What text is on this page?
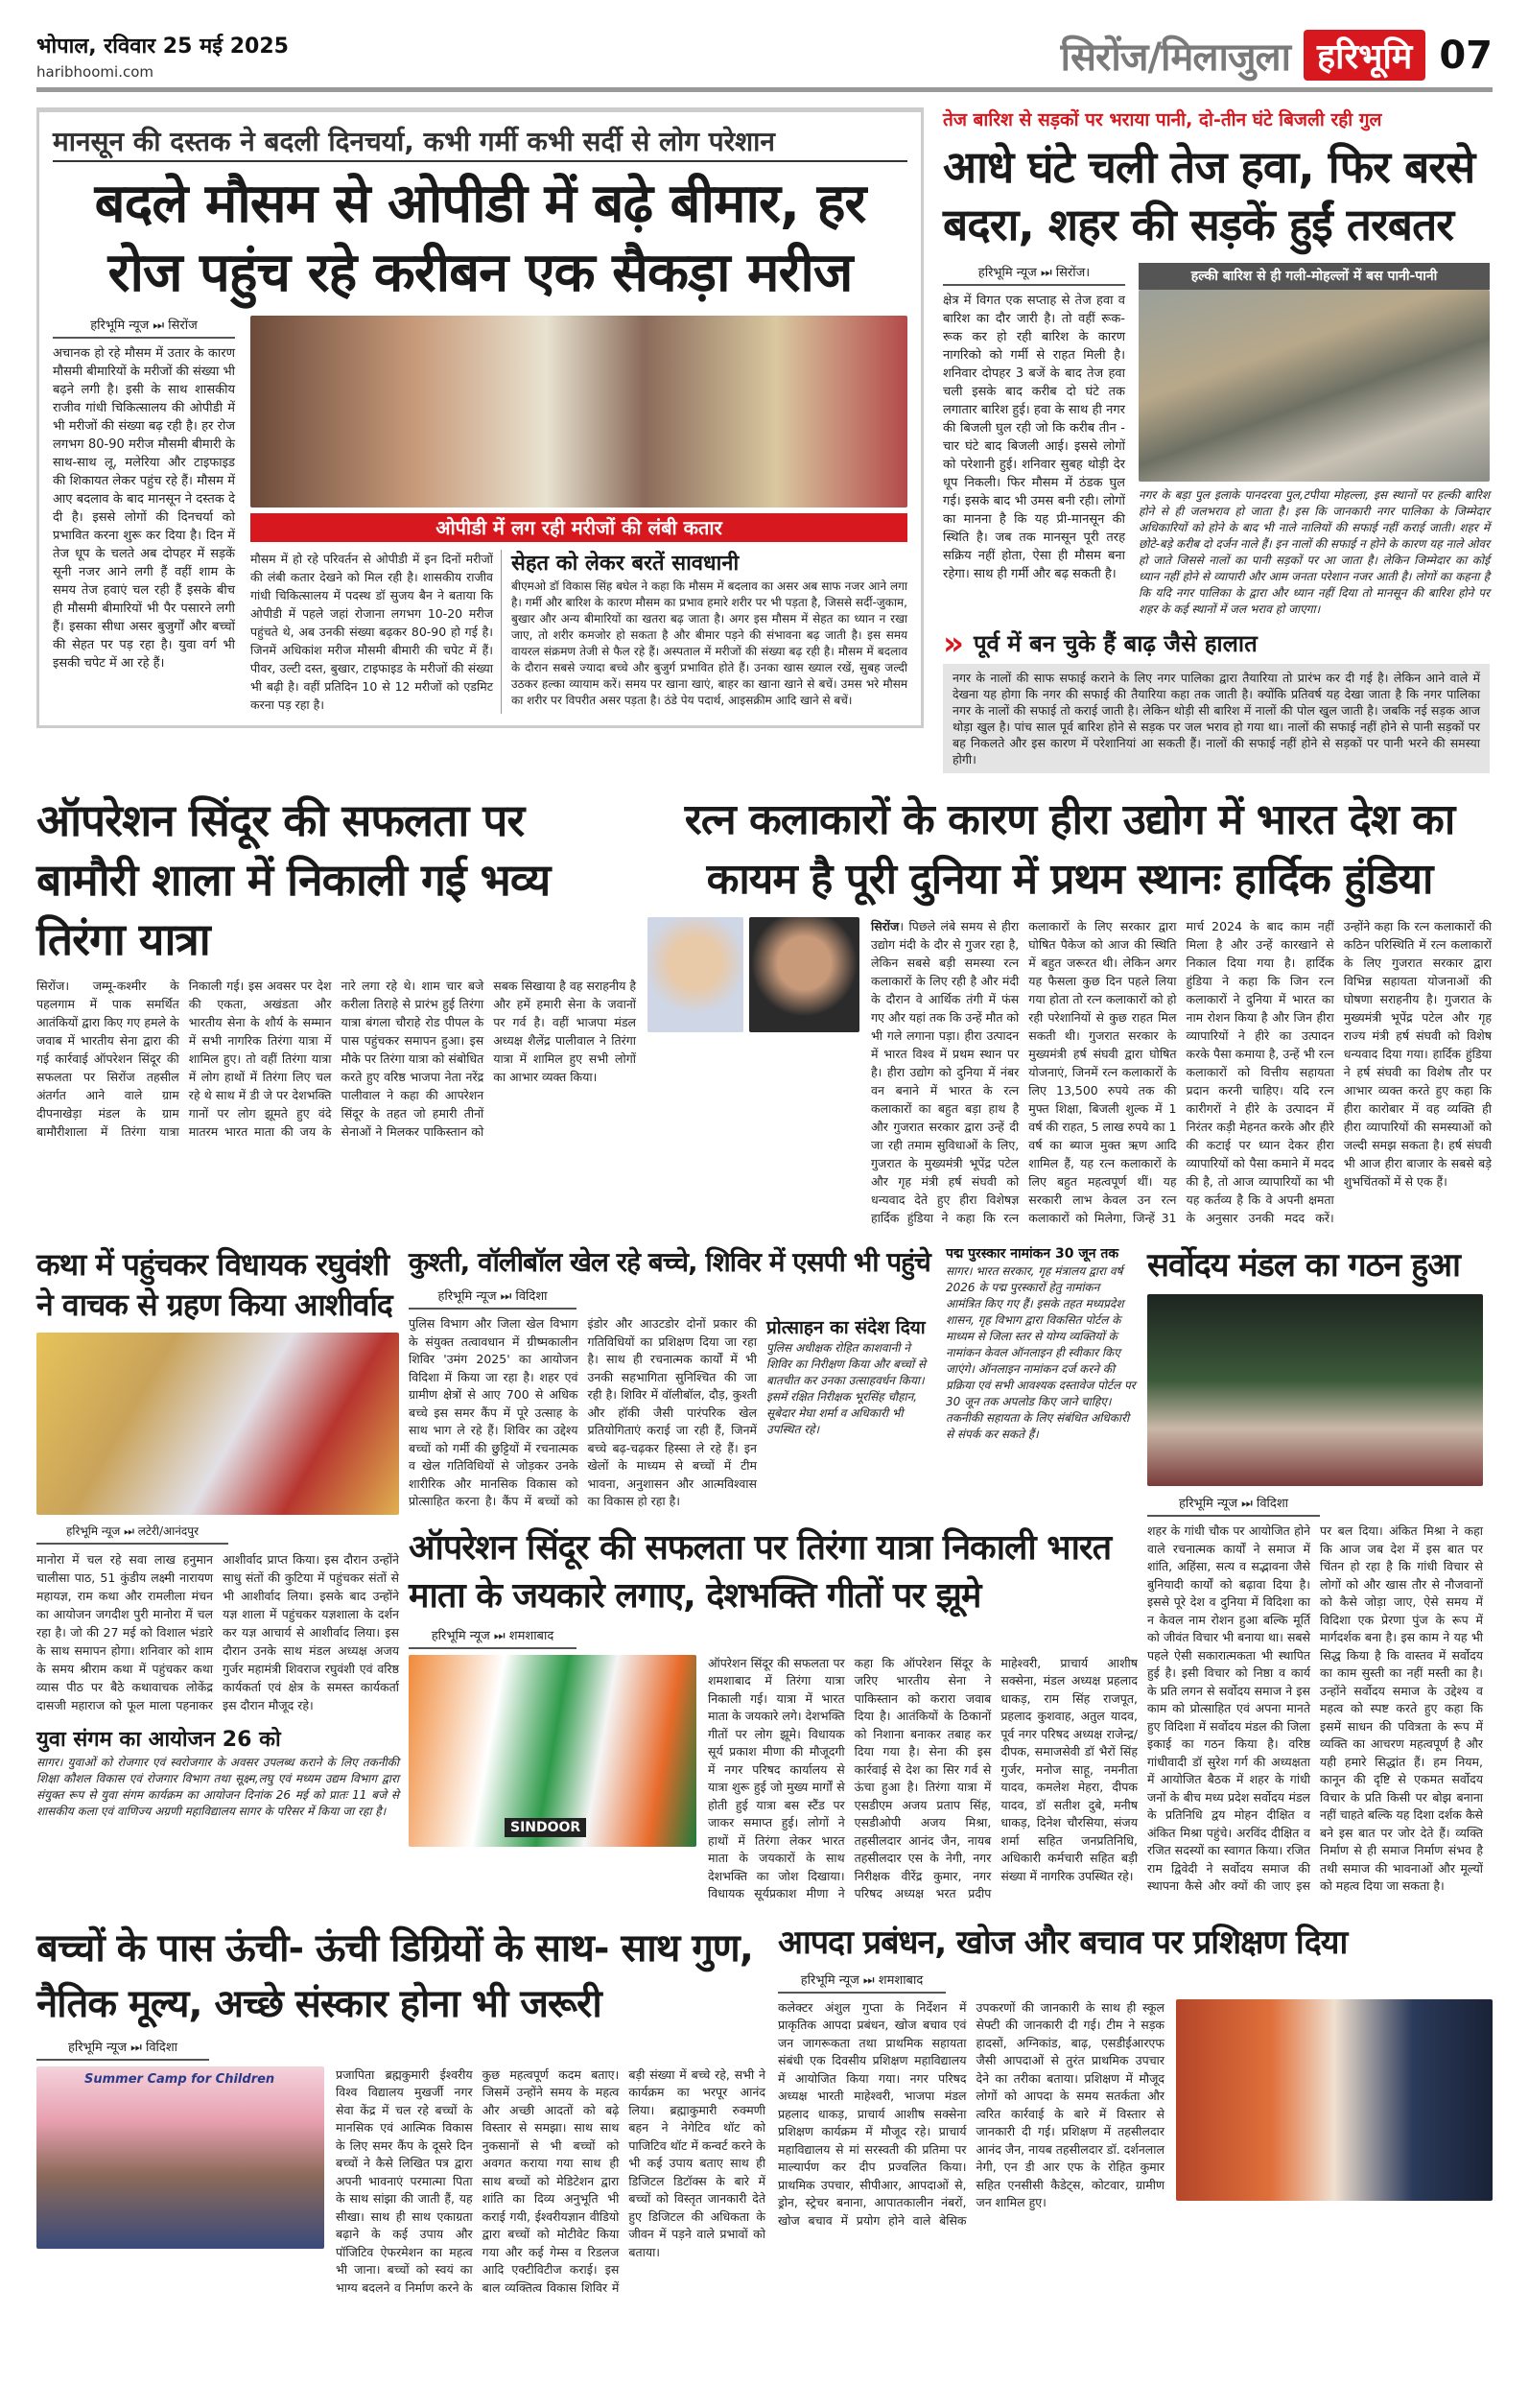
भोपाल, रविवार 25 मई 2025
haribhoomi.com	सिरोंज/मिलाजुला हरिभूमि 07
मानसून की दस्तक ने बदली दिनचर्या, कभी गर्मी कभी सर्दी से लोग परेशान
बदले मौसम से ओपीडी में बढ़े बीमार, हर रोज पहुंच रहे करीबन एक सैकड़ा मरीज
हरिभूमि न्यूज ⏭ सिरोंज
अचानक हो रहे मौसम में उतार के कारण मौसमी बीमारियों के मरीजों की संख्या भी बढ़ने लगी है। इसी के साथ शासकीय राजीव गांधी चिकित्सालय की ओपीडी में भी मरीजों की संख्या बढ़ रही है। हर रोज लगभग 80-90 मरीज मौसमी बीमारी के साथ-साथ लू, मलेरिया और टाइफाइड की शिकायत लेकर पहुंच रहे हैं। मौसम में आए बदलाव के बाद मानसून ने दस्तक दे दी है। इससे लोगों की दिनचर्या को प्रभावित करना शुरू कर दिया है। दिन में तेज धूप के चलते अब दोपहर में सड़कें सूनी नजर आने लगी हैं वहीं शाम के समय तेज हवाएं चल रही हैं इसके बीच ही मौसमी बीमारियों भी पैर पसारने लगी हैं। इसका सीधा असर बुजुर्गों और बच्चों की सेहत पर पड़ रहा है। युवा वर्ग भी इसकी चपेट में आ रहे हैं।
ओपीडी में लग रही मरीजों की लंबी कतार
मौसम में हो रहे परिवर्तन से ओपीडी में इन दिनों मरीजों की लंबी कतार देखने को मिल रही है। शासकीय राजीव गांधी चिकित्सालय में पदस्थ डॉ सुजय बैन ने बताया कि ओपीडी में पहले जहां रोजाना लगभग 10-20 मरीज पहुंचते थे, अब उनकी संख्या बढ़कर 80-90 हो गई है। जिनमें अधिकांश मरीज मौसमी बीमारी की चपेट में हैं। पीवर, उल्टी दस्त, बुखार, टाइफाइड के मरीजों की संख्या भी बढ़ी है। वहीं प्रतिदिन 10 से 12 मरीजों को एडमिट करना पड़ रहा है।
सेहत को लेकर बरतें सावधानी
बीएमओ डॉ विकास सिंह बघेल ने कहा कि मौसम में बदलाव का असर अब साफ नजर आने लगा है। गर्मी और बारिश के कारण मौसम का प्रभाव हमारे शरीर पर भी पड़ता है, जिससे सर्दी-जुकाम, बुखार और अन्य बीमारियों का खतरा बढ़ जाता है। अगर इस मौसम में सेहत का ध्यान न रखा जाए, तो शरीर कमजोर हो सकता है और बीमार पड़ने की संभावना बढ़ जाती है। इस समय वायरल संक्रमण तेजी से फैल रहे हैं। अस्पताल में मरीजों की संख्या बढ़ रही है। मौसम में बदलाव के दौरान सबसे ज्यादा बच्चे और बुजुर्ग प्रभावित होते हैं। उनका खास ख्याल रखें, सुबह जल्दी उठकर हल्का व्यायाम करें। समय पर खाना खाएं, बाहर का खाना खाने से बचें। उमस भरे मौसम का शरीर पर विपरीत असर पड़ता है। ठंडे पेय पदार्थ, आइसक्रीम आदि खाने से बचें।
तेज बारिश से सड़कों पर भराया पानी, दो-तीन घंटे बिजली रही गुल
आधे घंटे चली तेज हवा, फिर बरसे बदरा, शहर की सड़कें हुईं तरबतर
हरिभूमि न्यूज ⏭ सिरोंज।
क्षेत्र में विगत एक सप्ताह से तेज हवा व बारिश का दौर जारी है। तो वहीं रूक-रूक कर हो रही बारिश के कारण नागरिको को गर्मी से राहत मिली है। शनिवार दोपहर 3 बजें के बाद तेज हवा चली इसके बाद करीब दो घंटे तक लगातार बारिश हुई। हवा के साथ ही नगर की बिजली घुल रही जो कि करीब तीन - चार घंटे बाद बिजली आई। इससे लोगों को परेशानी हुई। शनिवार सुबह थोड़ी देर धूप निकली। फिर मौसम में ठंडक घुल गई। इसके बाद भी उमस बनी रही। लोगों का मानना है कि यह प्री-मानसून की स्थिति है। जब तक मानसून पूरी तरह सक्रिय नहीं होता, ऐसा ही मौसम बना रहेगा। साथ ही गर्मी और बढ़ सकती है।
हल्की बारिश से ही गली-मोहल्लों में बस पानी-पानी
नगर के बड़ा पुल इलाके पानदरवा पुल,टपीया मोहल्ला, इस स्थानों पर हल्की बारिश होने से ही जलभराव हो जाता है। इस कि जानकारी नगर पालिका के जिम्मेदार अधिकारियों को होने के बाद भी नाले नालियों की सफाई नहीं कराई जाती। शहर में छोटे-बड़े करीब दो दर्जन नाले हैं। इन नालों की सफाई न होने के कारण यह नाले ओवर हो जाते जिससे नालों का पानी सड़कों पर आ जाता है। लेकिन जिम्मेदार का कोई ध्यान नहीं होने से व्यापारी और आम जनता परेशान नजर आती है। लोगों का कहना है कि यदि नगर पालिका के द्वारा और ध्यान नहीं दिया तो मानसून की बारिश होने पर शहर के कई स्थानों में जल भराव हो जाएगा।
» पूर्व में बन चुके हैं बाढ़ जैसे हालात
नगर के नालों की साफ सफाई कराने के लिए नगर पालिका द्वारा तैयारिया तो प्रारंभ कर दी गई है। लेकिन आने वाले में देखना यह होगा कि नगर की सफाई की तैयारिया कहा तक जाती है। क्योंकि प्रतिवर्ष यह देखा जाता है कि नगर पालिका नगर के नालों की सफाई तो कराई जाती है। लेकिन थोड़ी सी बारिश में नालों की पोल खुल जाती है। जबकि नई सड़क आज थोड़ा खुल है। पांच साल पूर्व बारिश होने से सड़क पर जल भराव हो गया था। नालों की सफाई नहीं होने से पानी सड़कों पर बह निकलते और इस कारण में परेशानियां आ सकती हैं। नालों की सफाई नहीं होने से सड़कों पर पानी भरने की समस्या होगी।
ऑपरेशन सिंदूर की सफलता पर बामौरी शाला में निकाली गई भव्य तिरंगा यात्रा
सिरोंज। जम्मू-कश्मीर के पहलगाम में पाक समर्थित आतंकियों द्वारा किए गए हमले के जवाब में भारतीय सेना द्वारा की गई कार्रवाई ऑपरेशन सिंदूर की सफलता पर सिरोंज तहसील अंतर्गत आने वाले ग्राम दीपनाखेड़ा मंडल के ग्राम बामौरीशाला में तिरंगा यात्रा निकाली गई। इस अवसर पर देश की एकता, अखंडता और भारतीय सेना के शौर्य के सम्मान में सभी नागरिक तिरंगा यात्रा में शामिल हुए। तो वहीं तिरंगा यात्रा में लोग हाथों में तिरंगा लिए चल रहे थे साथ में डी जे पर देशभक्ति गानों पर लोग झूमते हुए वंदे मातरम भारत माता की जय के नारे लगा रहे थे। शाम चार बजे करीला तिराहे से प्रारंभ हुई तिरंगा यात्रा बंगला चौराहे रोड पीपल के पास पहुंचकर समापन हुआ। इस मौके पर तिरंगा यात्रा को संबोधित करते हुए वरिष्ठ भाजपा नेता नरेंद्र पालीवाल ने कहा की आपरेशन सिंदूर के तहत जो हमारी तीनों सेनाओं ने मिलकर पाकिस्तान को सबक सिखाया है वह सराहनीय है और हमें हमारी सेना के जवानों पर गर्व है। वहीं भाजपा मंडल अध्यक्ष शैलेंद्र पालीवाल ने तिरंगा यात्रा में शामिल हुए सभी लोगों का आभार व्यक्त किया।
रत्न कलाकारों के कारण हीरा उद्योग में भारत देश का कायम है पूरी दुनिया में प्रथम स्थानः हार्दिक हुंडिया
सिरोंज। पिछले लंबे समय से हीरा उद्योग मंदी के दौर से गुजर रहा है, लेकिन सबसे बड़ी समस्या रत्न कलाकारों के लिए रही है और मंदी के दौरान वे आर्थिक तंगी में फंस गए और यहां तक कि उन्हें मौत को भी गले लगाना पड़ा। हीरा उत्पादन में भारत विश्व में प्रथम स्थान पर है। हीरा उद्योग को दुनिया में नंबर वन बनाने में भारत के रत्न कलाकारों का बहुत बड़ा हाथ है और गुजरात सरकार द्वारा उन्हें दी जा रही तमाम सुविधाओं के लिए, गुजरात के मुख्यमंत्री भूपेंद्र पटेल और गृह मंत्री हर्ष संघवी को धन्यवाद देते हुए हीरा विशेषज्ञ हार्दिक हुंडिया ने कहा कि रत्न कलाकारों के लिए सरकार द्वारा घोषित पैकेज को आज की स्थिति में बहुत जरूरत थी। लेकिन अगर यह फैसला कुछ दिन पहले लिया गया होता तो रत्न कलाकारों को हो रही परेशानियों से कुछ राहत मिल सकती थी। गुजरात सरकार के मुख्यमंत्री हर्ष संघवी द्वारा घोषित योजनाएं, जिनमें रत्न कलाकारों के लिए 13,500 रुपये तक की मुफ्त शिक्षा, बिजली शुल्क में 1 वर्ष की राहत, 5 लाख रुपये का 1 वर्ष का ब्याज मुक्त ऋण आदि शामिल हैं, यह रत्न कलाकारों के लिए बहुत महत्वपूर्ण थीं। यह सरकारी लाभ केवल उन रत्न कलाकारों को मिलेगा, जिन्हें 31 मार्च 2024 के बाद काम नहीं मिला है और उन्हें कारखाने से निकाल दिया गया है। हार्दिक हुंडिया ने कहा कि जिन रत्न कलाकारों ने दुनिया में भारत का नाम रोशन किया है और जिन हीरा व्यापारियों ने हीरे का उत्पादन करके पैसा कमाया है, उन्हें भी रत्न कलाकारों को वित्तीय सहायता प्रदान करनी चाहिए। यदि रत्न कारीगरों ने हीरे के उत्पादन में निरंतर कड़ी मेहनत करके और हीरे की कटाई पर ध्यान देकर हीरा व्यापारियों को पैसा कमाने में मदद की है, तो आज व्यापारियों का भी यह कर्तव्य है कि वे अपनी क्षमता के अनुसार उनकी मदद करें। उन्होंने कहा कि रत्न कलाकारों की कठिन परिस्थिति में रत्न कलाकारों के लिए गुजरात सरकार द्वारा विभिन्न सहायता योजनाओं की घोषणा सराहनीय है। गुजरात के मुख्यमंत्री भूपेंद्र पटेल और गृह राज्य मंत्री हर्ष संघवी को विशेष धन्यवाद दिया गया। हार्दिक हुंडिया ने हर्ष संघवी का विशेष तौर पर आभार व्यक्त करते हुए कहा कि हीरा कारोबार में वह व्यक्ति ही हीरा व्यापारियों की समस्याओं को जल्दी समझ सकता है। हर्ष संघवी भी आज हीरा बाजार के सबसे बड़े शुभचिंतकों में से एक हैं।
कथा में पहुंचकर विधायक रघुवंशी ने वाचक से ग्रहण किया आशीर्वाद
हरिभूमि न्यूज ⏭ लटेरी/आनंदपुर
मानोरा में चल रहे सवा लाख हनुमान चालीसा पाठ, 51 कुंडीय लक्ष्मी नारायण महायज्ञ, राम कथा और रामलीला मंचन का आयोजन जगदीश पुरी मानोरा में चल रहा है। जो की 27 मई को विशाल भंडारे के साथ समापन होगा। शनिवार को शाम के समय श्रीराम कथा में पहुंचकर कथा व्यास पीठ पर बैठे कथावाचक लोकेंद्र दासजी महाराज को फूल माला पहनाकर आशीर्वाद प्राप्त किया। इस दौरान उन्होंने साधु संतों की कुटिया में पहुंचकर संतों से भी आशीर्वाद लिया। इसके बाद उन्होंने यज्ञ शाला में पहुंचकर यज्ञशाला के दर्शन कर यज्ञ आचार्य से आशीर्वाद लिया। इस दौरान उनके साथ मंडल अध्यक्ष अजय गुर्जर महामंत्री शिवराज रघुवंशी एवं वरिष्ठ कार्यकर्ता एवं क्षेत्र के समस्त कार्यकर्ता इस दौरान मौजूद रहे।
युवा संगम का आयोजन 26 को
सागर। युवाओं को रोजगार एवं स्वरोजगार के अवसर उपलब्ध कराने के लिए तकनीकी शिक्षा कौशल विकास एवं रोजगार विभाग तथा सूक्ष्म,लघु एवं मध्यम उद्यम विभाग द्वारा संयुक्त रूप से युवा संगम कार्यक्रम का आयोजन दिनांक 26 मई को प्रातः 11 बजे से शासकीय कला एवं वाणिज्य अग्रणी महाविद्यालय सागर के परिसर में किया जा रहा है।
कुश्ती, वॉलीबॉल खेल रहे बच्चे, शिविर में एसपी भी पहुंचे
हरिभूमि न्यूज ⏭ विदिशा
पुलिस विभाग और जिला खेल विभाग के संयुक्त तत्वावधान में ग्रीष्मकालीन शिविर 'उमंग 2025' का आयोजन विदिशा में किया जा रहा है। शहर एवं ग्रामीण क्षेत्रों से आए 700 से अधिक बच्चे इस समर कैंप में पूरे उत्साह के साथ भाग ले रहे हैं। शिविर का उद्देश्य बच्चों को गर्मी की छुट्टियों में रचनात्मक व खेल गतिविधियों से जोड़कर उनके शारीरिक और मानसिक विकास को प्रोत्साहित करना है। कैंप में बच्चों को इंडोर और आउटडोर दोनों प्रकार की गतिविधियों का प्रशिक्षण दिया जा रहा है। साथ ही रचनात्मक कार्यों में भी उनकी सहभागिता सुनिश्चित की जा रही है। शिविर में वॉलीबॉल, दौड़, कुश्ती और हॉकी जैसी पारंपरिक खेल प्रतियोगिताएं कराई जा रही हैं, जिनमें बच्चे बढ़-चढ़कर हिस्सा ले रहे हैं। इन खेलों के माध्यम से बच्चों में टीम भावना, अनुशासन और आत्मविश्वास का विकास हो रहा है।
प्रोत्साहन का संदेश दिया
पुलिस अधीक्षक रोहित काशवानी ने शिविर का निरीक्षण किया और बच्चों से बातचीत कर उनका उत्साहवर्धन किया। इसमें रक्षित निरीक्षक भूरसिंह चौहान, सूबेदार मेघा शर्मा व अधिकारी भी उपस्थित रहे।
पद्म पुरस्कार नामांकन 30 जून तक
सागर। भारत सरकार, गृह मंत्रालय द्वारा वर्ष 2026 के पद्म पुरस्कारों हेतु नामांकन आमंत्रित किए गए हैं। इसके तहत मध्यप्रदेश शासन, गृह विभाग द्वारा विकसित पोर्टल के माध्यम से जिला स्तर से योग्य व्यक्तियों के नामांकन केवल ऑनलाइन ही स्वीकार किए जाएंगे। ऑनलाइन नामांकन दर्ज करने की प्रक्रिया एवं सभी आवश्यक दस्तावेज पोर्टल पर 30 जून तक अपलोड किए जाने चाहिए। तकनीकी सहायता के लिए संबंधित अधिकारी से संपर्क कर सकते हैं।
ऑपरेशन सिंदूर की सफलता पर तिरंगा यात्रा निकाली भारत माता के जयकारे लगाए, देशभक्ति गीतों पर झूमे
हरिभूमि न्यूज ⏭ शमशाबाद
SINDOOR
ऑपरेशन सिंदूर की सफलता पर शमशाबाद में तिरंगा यात्रा निकाली गई। यात्रा में भारत माता के जयकारे लगे। देशभक्ति गीतों पर लोग झूमे। विधायक सूर्य प्रकाश मीणा की मौजूदगी में नगर परिषद कार्यालय से यात्रा शुरू हुई जो मुख्य मार्गों से होती हुई यात्रा बस स्टैंड पर जाकर समाप्त हुई। लोगों ने हाथों में तिरंगा लेकर भारत माता के जयकारों के साथ देशभक्ति का जोश दिखाया। विधायक सूर्यप्रकाश मीणा ने कहा कि ऑपरेशन सिंदूर के जरिए भारतीय सेना ने पाकिस्तान को करारा जवाब दिया है। आतंकियों के ठिकानों को निशाना बनाकर तबाह कर दिया गया है। सेना की इस कार्रवाई से देश का सिर गर्व से ऊंचा हुआ है। तिरंगा यात्रा में एसडीएम अजय प्रताप सिंह, एसडीओपी अजय मिश्रा, तहसीलदार आनंद जैन, नायब तहसीलदार एस के नेगी, नगर निरीक्षक वीरेंद्र कुमार, नगर परिषद अध्यक्ष भरत प्रदीप माहेश्वरी, प्राचार्य आशीष सक्सेना, मंडल अध्यक्ष प्रहलाद धाकड़, राम सिंह राजपूत, प्रहलाद कुशवाह, अतुल यादव, पूर्व नगर परिषद अध्यक्ष राजेन्द्र/दीपक, समाजसेवी डॉ भैरों सिंह गुर्जर, मनोज साहू, नमनीता यादव, कमलेश मेहरा, दीपक यादव, डॉ सतीश दुबे, मनीष धाकड़, दिनेश चौरसिया, संजय शर्मा सहित जनप्रतिनिधि, अधिकारी कर्मचारी सहित बड़ी संख्या में नागरिक उपस्थित रहे।
सर्वोदय मंडल का गठन हुआ
हरिभूमि न्यूज ⏭ विदिशा
शहर के गांधी चौक पर आयोजित होने वाले रचनात्मक कार्यों ने समाज में शांति, अहिंसा, सत्य व सद्भावना जैसे बुनियादी कार्यों को बढ़ावा दिया है। इससे पूरे देश व दुनिया में विदिशा का न केवल नाम रोशन हुआ बल्कि मूर्ति को जीवंत विचार भी बनाया था। सबसे पहले ऐसी सकारात्मकता भी स्थापित हुई है। इसी विचार को निष्ठा व कार्य के प्रति लगन से सर्वोदय समाज ने इस काम को प्रोत्साहित एवं अपना मानते हुए विदिशा में सर्वोदय मंडल की जिला इकाई का गठन किया है। वरिष्ठ गांधीवादी डॉ सुरेश गर्ग की अध्यक्षता में आयोजित बैठक में शहर के गांधी जनों के बीच मध्य प्रदेश सर्वोदय मंडल के प्रतिनिधि द्वय मोहन दीक्षित व अंकित मिश्रा पहुंचे। अरविंद दीक्षित व रजित सदस्यों का स्वागत किया। रजित राम द्विवेदी ने सर्वोदय समाज की स्थापना कैसे और क्यों की जाए इस पर बल दिया। अंकित मिश्रा ने कहा कि आज जब देश में इस बात पर चिंतन हो रहा है कि गांधी विचार से लोगों को और खास तौर से नौजवानों को कैसे जोड़ा जाए, ऐसे समय में विदिशा एक प्रेरणा पुंज के रूप में मार्गदर्शक बना है। इस काम ने यह भी सिद्ध किया है कि वास्तव में सर्वोदय का काम सुस्ती का नहीं मस्ती का है। उन्होंने सर्वोदय समाज के उद्देश्य व महत्व को स्पष्ट करते हुए कहा कि इसमें साधन की पवित्रता के रूप में व्यक्ति का आचरण महत्वपूर्ण है और यही हमारे सिद्धांत हैं। हम नियम, कानून की दृष्टि से एकमत सर्वोदय विचार के प्रति किसी पर बोझ बनाना नहीं चाहते बल्कि यह दिशा दर्शक कैसे बने इस बात पर जोर देते हैं। व्यक्ति निर्माण से ही समाज निर्माण संभव है तथी समाज की भावनाओं और मूल्यों को महत्व दिया जा सकता है।
बच्चों के पास ऊंची- ऊंची डिग्रियों के साथ- साथ गुण, नैतिक मूल्य, अच्छे संस्कार होना भी जरूरी
हरिभूमि न्यूज ⏭ विदिशा
Summer Camp for Children	प्रजापिता ब्रह्मकुमारी ईश्वरीय विश्व विद्यालय मुखर्जी नगर सेवा केंद्र में चल रहे बच्चों के मानसिक एवं आत्मिक विकास के लिए समर कैंप के दूसरे दिन बच्चों ने कैसे लिखित पत्र द्वारा अपनी भावनाएं परमात्मा पिता के साथ सांझा की जाती हैं, यह सीखा। साथ ही साथ एकाग्रता बढ़ाने के कई उपाय और पॉजिटिव ऐफरमेशन का महत्व भी जाना। बच्चों को स्वयं का भाग्य बदलने व निर्माण करने के कुछ महत्वपूर्ण कदम बताए। जिसमें उन्होंने समय के महत्व और अच्छी आदतों को बढ़े विस्तार से समझा। साथ साथ नुकसानों से भी बच्चों को अवगत कराया गया साथ ही साथ बच्चों को मेडिटेशन द्वारा शांति का दिव्य अनुभूति भी कराई गयी, ईश्वरीयज्ञान वीडियो द्वारा बच्चों को मोटीवेट किया गया और कई गेम्स व रिडलज आदि एक्टीविटीज कराई। इस बाल व्यक्तित्व विकास शिविर में बड़ी संख्या में बच्चे रहे, सभी ने कार्यक्रम का भरपूर आनंद लिया। ब्रह्माकुमारी रुक्मणी बहन ने नेगेटिव थॉट को पाजिटिव थॉट में कन्वर्ट करने के भी कई उपाय बताए साथ ही डिजिटल डिटॉक्स के बारे में बच्चों को विस्तृत जानकारी देते हुए डिजिटल की अधिकता के जीवन में पड़ने वाले प्रभावों को बताया।
आपदा प्रबंधन, खोज और बचाव पर प्रशिक्षण दिया
हरिभूमि न्यूज ⏭ शमशाबाद
कलेक्टर अंशुल गुप्ता के निर्देशन में प्राकृतिक आपदा प्रबंधन, खोज बचाव एवं जन जागरूकता तथा प्राथमिक सहायता संबंधी एक दिवसीय प्रशिक्षण महाविद्यालय में आयोजित किया गया। नगर परिषद अध्यक्ष भारती माहेश्वरी, भाजपा मंडल प्रहलाद धाकड़, प्राचार्य आशीष सक्सेना प्रशिक्षण कार्यक्रम में मौजूद रहे। प्राचार्य महाविद्यालय से मां सरस्वती की प्रतिमा पर माल्यार्पण कर दीप प्रज्वलित किया। प्राथमिक उपचार, सीपीआर, आपदाओं से, ड्रोन, स्ट्रेचर बनाना, आपातकालीन नंबरों, खोज बचाव में प्रयोग होने वाले बेसिक उपकरणों की जानकारी के साथ ही स्कूल सेफ्टी की जानकारी दी गई। टीम ने सड़क हादसों, अग्निकांड, बाढ़, एसडीईआरएफ जैसी आपदाओं से तुरंत प्राथमिक उपचार देने का तरीका बताया। प्रशिक्षण में मौजूद लोगों को आपदा के समय सतर्कता और त्वरित कार्रवाई के बारे में विस्तार से जानकारी दी गई। प्रशिक्षण में तहसीलदार आनंद जैन, नायब तहसीलदार डॉ. दर्शनलाल नेगी, एन डी आर एफ के रोहित कुमार सहित एनसीसी कैडेट्स, कोटवार, ग्रामीण जन शामिल हुए।
